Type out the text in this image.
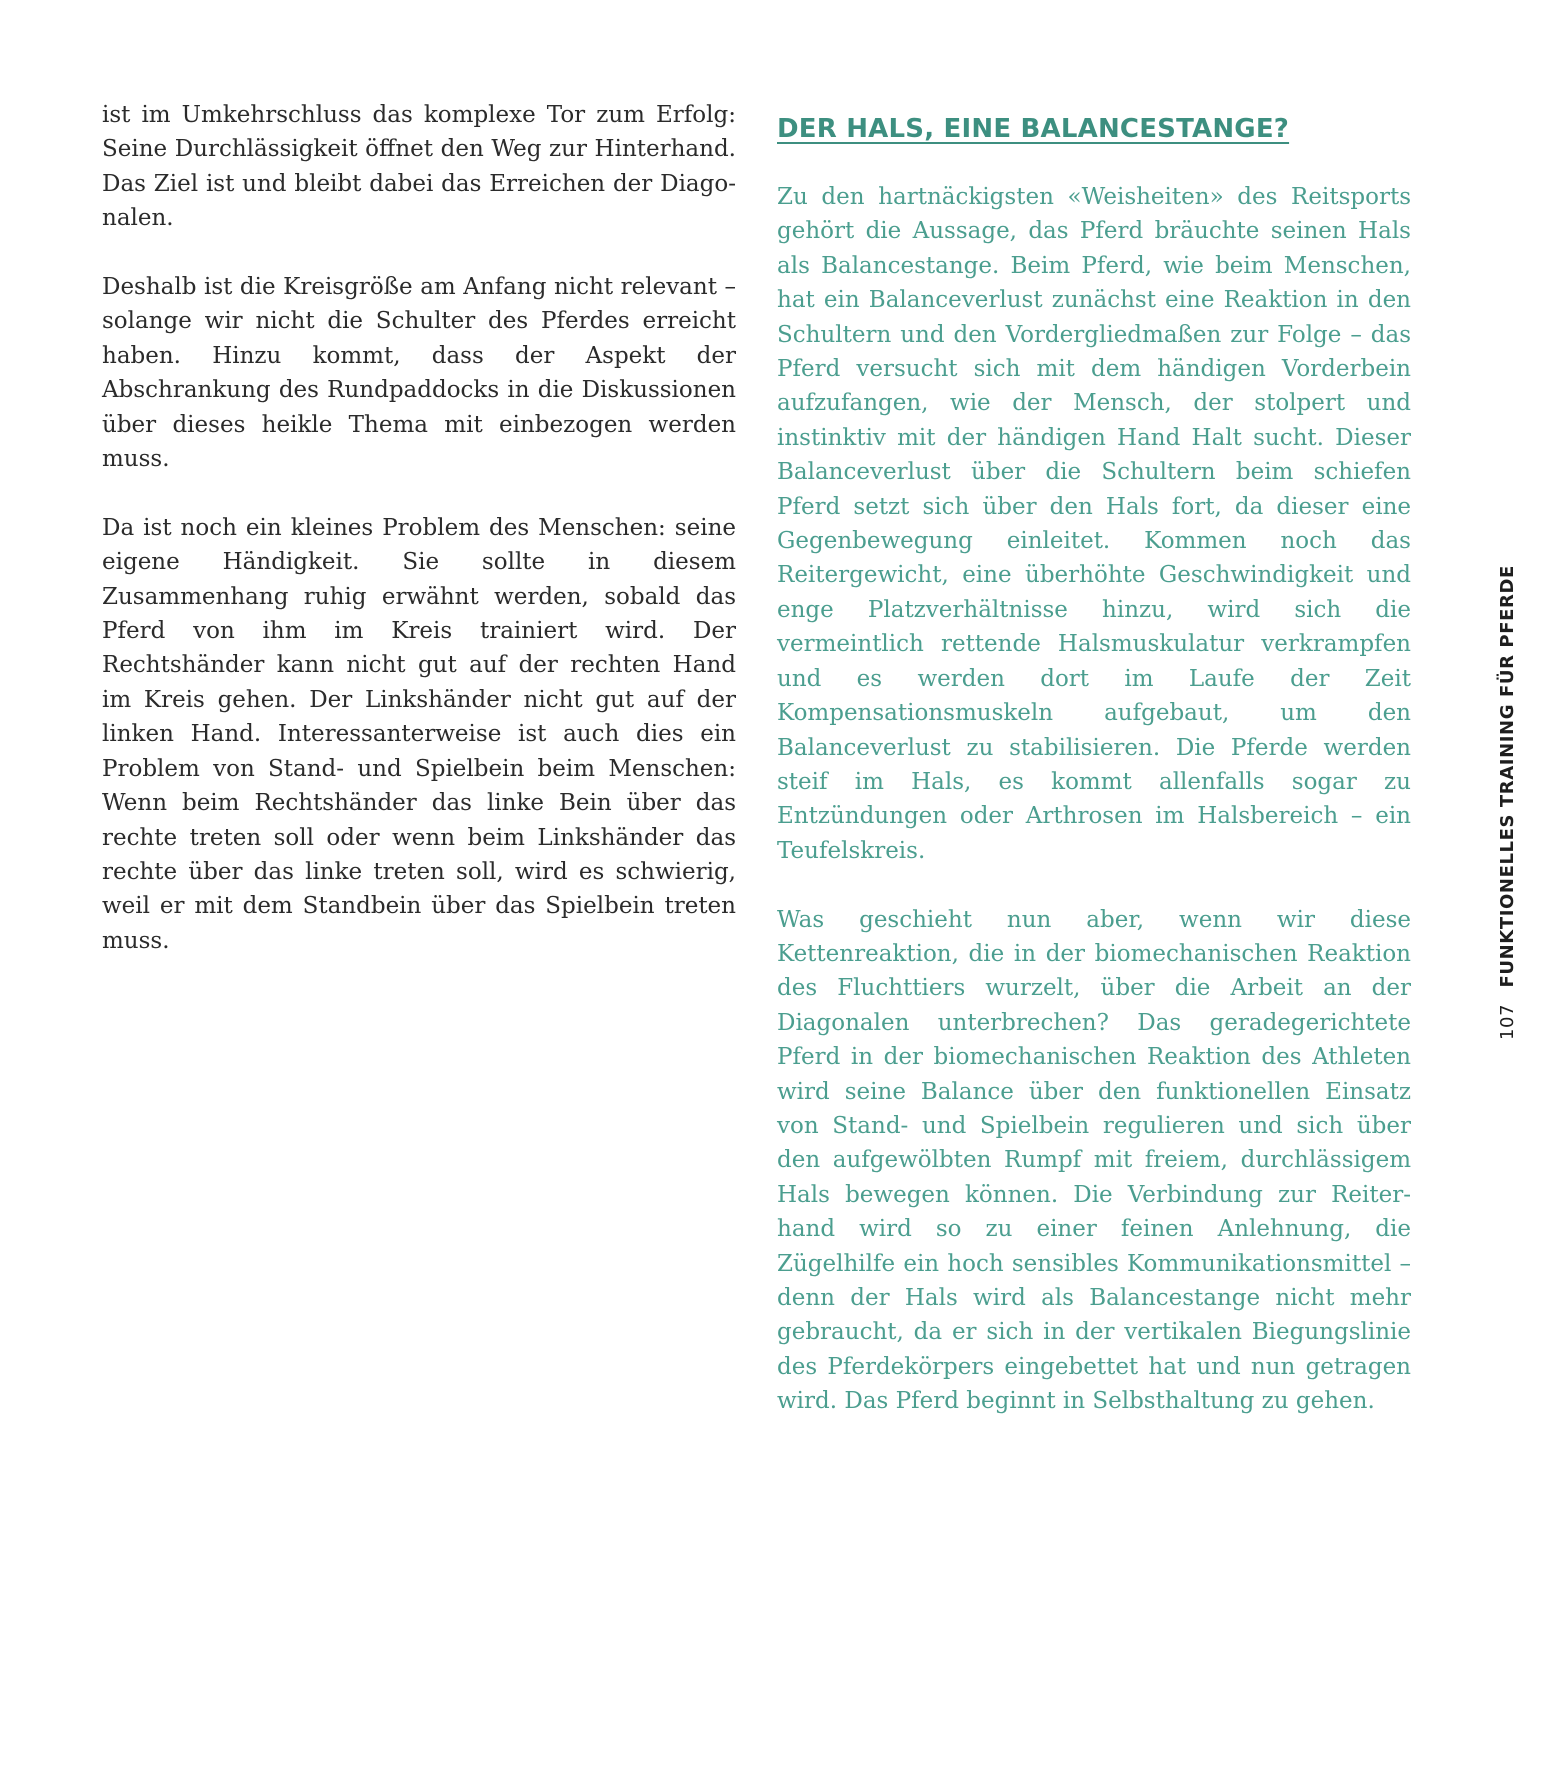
ist im Umkehrschluss das komplexe Tor zum Erfolg: Seine Durchlässigkeit öffnet den Weg zur Hinterhand. Das Ziel ist und bleibt dabei das Erreichen der Diagonalen.

Deshalb ist die Kreisgröße am Anfang nicht relevant – solange wir nicht die Schulter des Pferdes erreicht haben. Hinzu kommt, dass der Aspekt der Abschrankung des Rundpaddocks in die Diskussionen über dieses heikle Thema mit einbezogen werden muss.

Da ist noch ein kleines Problem des Menschen: seine eigene Händigkeit. Sie sollte in diesem Zusammenhang ruhig erwähnt werden, sobald das Pferd von ihm im Kreis trainiert wird. Der Rechtshänder kann nicht gut auf der rechten Hand im Kreis gehen. Der Linkshänder nicht gut auf der linken Hand. Interessanterweise ist auch dies ein Problem von Stand- und Spielbein beim Menschen: Wenn beim Rechtshänder das linke Bein über das rechte treten soll oder wenn beim Linkshänder das rechte über das linke treten soll, wird es schwierig, weil er mit dem Standbein über das Spielbein treten muss.

DER HALS, EINE BALANCESTANGE?

Zu den hartnäckigsten «Weisheiten» des Reitsports gehört die Aussage, das Pferd bräuchte seinen Hals als Balancestange. Beim Pferd, wie beim Menschen, hat ein Balanceverlust zunächst eine Reaktion in den Schultern und den Vordergliedmaßen zur Folge – das Pferd versucht sich mit dem händigen Vorderbein aufzufangen, wie der Mensch, der stolpert und instinktiv mit der händigen Hand Halt sucht. Dieser Balanceverlust über die Schultern beim schiefen Pferd setzt sich über den Hals fort, da dieser eine Gegenbewegung einleitet. Kommen noch das Reitergewicht, eine überhöhte Geschwindigkeit und enge Platzverhältnisse hinzu, wird sich die vermeintlich rettende Halsmuskulatur verkrampfen und es werden dort im Laufe der Zeit Kompensationsmuskeln aufgebaut, um den Balanceverlust zu stabilisieren. Die Pferde werden steif im Hals, es kommt allenfalls sogar zu Entzündungen oder Arthrosen im Halsbereich – ein Teufelskreis.

Was geschieht nun aber, wenn wir diese Kettenreaktion, die in der biomechanischen Reaktion des Fluchttiers wurzelt, über die Arbeit an der Diagonalen unterbrechen? Das geradegerichtete Pferd in der biomechanischen Reaktion des Athleten wird seine Balance über den funktionellen Einsatz von Stand- und Spielbein regulieren und sich über den aufgewölbten Rumpf mit freiem, durchlässigem Hals bewegen können. Die Verbindung zur Reiterhand wird so zu einer feinen Anlehnung, die Zügelhilfe ein hoch sensibles Kommunikationsmittel – denn der Hals wird als Balancestange nicht mehr gebraucht, da er sich in der vertikalen Biegungslinie des Pferdekörpers eingebettet hat und nun getragen wird. Das Pferd beginnt in Selbsthaltung zu gehen.

107 FUNKTIONELLES TRAINING FÜR PFERDE
